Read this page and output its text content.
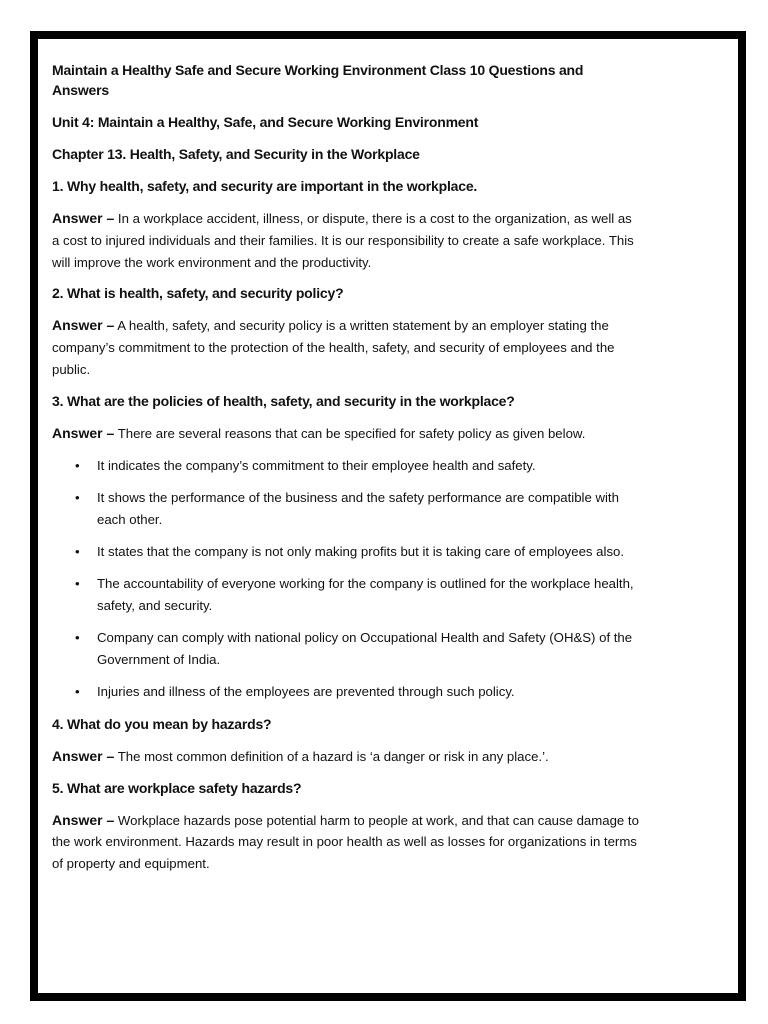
Maintain a Healthy Safe and Secure Working Environment Class 10 Questions and Answers
Unit 4: Maintain a Healthy, Safe, and Secure Working Environment
Chapter 13. Health, Safety, and Security in the Workplace
1. Why health, safety, and security are important in the workplace.
Answer – In a workplace accident, illness, or dispute, there is a cost to the organization, as well as a cost to injured individuals and their families. It is our responsibility to create a safe workplace. This will improve the work environment and the productivity.
2. What is health, safety, and security policy?
Answer – A health, safety, and security policy is a written statement by an employer stating the company’s commitment to the protection of the health, safety, and security of employees and the public.
3. What are the policies of health, safety, and security in the workplace?
Answer – There are several reasons that can be specified for safety policy as given below.
• It indicates the company’s commitment to their employee health and safety.
• It shows the performance of the business and the safety performance are compatible with each other.
• It states that the company is not only making profits but it is taking care of employees also.
• The accountability of everyone working for the company is outlined for the workplace health, safety, and security.
• Company can comply with national policy on Occupational Health and Safety (OH&S) of the Government of India.
• Injuries and illness of the employees are prevented through such policy.
4. What do you mean by hazards?
Answer – The most common definition of a hazard is ‘a danger or risk in any place.’.
5. What are workplace safety hazards?
Answer – Workplace hazards pose potential harm to people at work, and that can cause damage to the work environment. Hazards may result in poor health as well as losses for organizations in terms of property and equipment.
